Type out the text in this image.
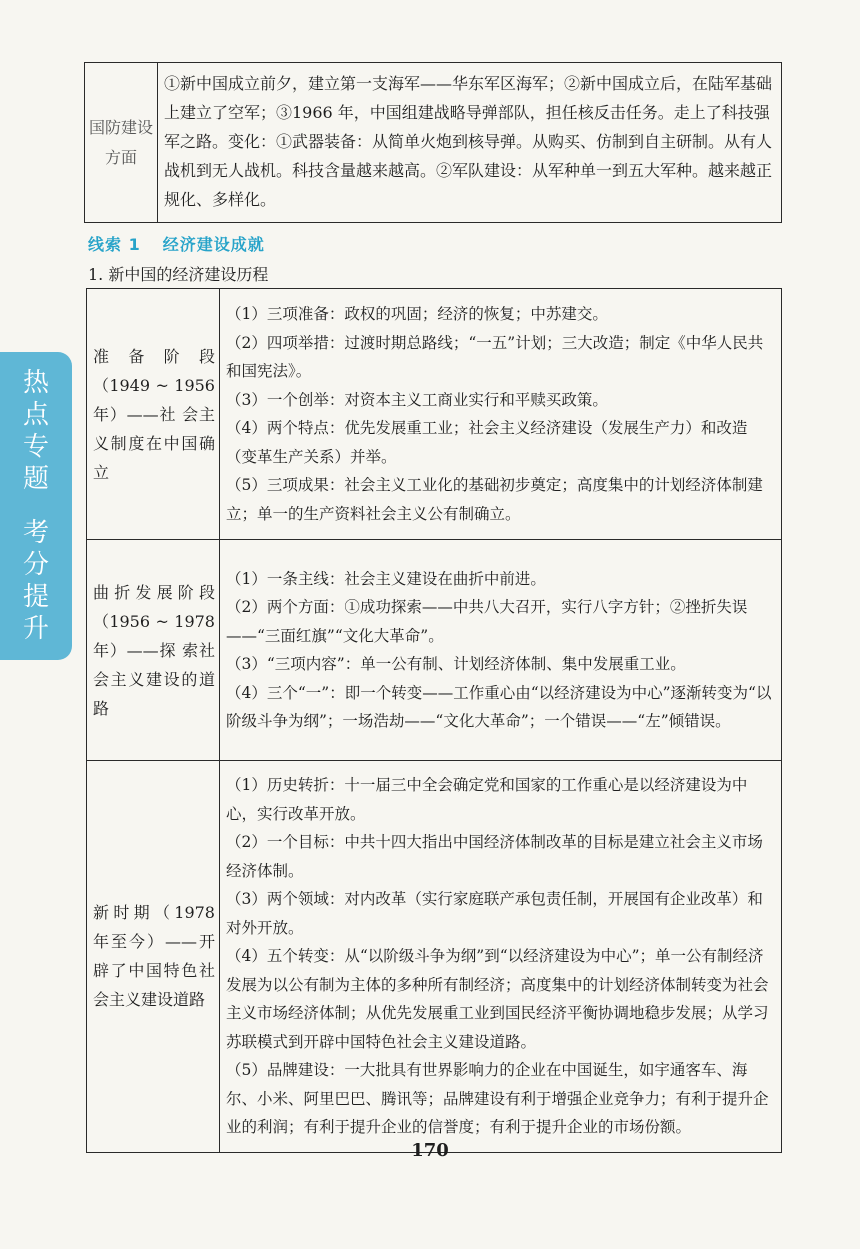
热
点
专
题
考
分
提
升
国防建设方面	①新中国成立前夕，建立第一支海军——华东军区海军；②新中国成立后，在陆军基础上建立了空军；③1966 年，中国组建战略导弹部队，担任核反击任务。走上了科技强军之路。变化：①武器装备：从简单火炮到核导弹。从购买、仿制到自主研制。从有人战机到无人战机。科技含量越来越高。②军队建设：从军种单一到五大军种。越来越正规化、多样化。
线索 1 经济建设成就
1. 新中国的经济建设历程
准 备 阶 段（1949 ~ 1956 年）——社 会主义制度在中国确立	（1）三项准备：政权的巩固；经济的恢复；中苏建交。

（2）四项举措：过渡时期总路线；“一五”计划；三大改造；制定《中华人民共和国宪法》。

（3）一个创举：对资本主义工商业实行和平赎买政策。

（4）两个特点：优先发展重工业；社会主义经济建设（发展生产力）和改造（变革生产关系）并举。

（5）三项成果：社会主义工业化的基础初步奠定；高度集中的计划经济体制建立；单一的生产资料社会主义公有制确立。

曲折发展阶段（1956 ~ 1978 年）——探 索社会主义建设的道路	（1）一条主线：社会主义建设在曲折中前进。

（2）两个方面：①成功探索——中共八大召开，实行八字方针；②挫折失误——“三面红旗”“文化大革命”。

（3）“三项内容”：单一公有制、计划经济体制、集中发展重工业。

（4）三个“一”：即一个转变——工作重心由“以经济建设为中心”逐渐转变为“以阶级斗争为纲”；一场浩劫——“文化大革命”；一个错误——“左”倾错误。

新时期（1978 年至今）——开辟了中国特色社会主义建设道路	（1）历史转折：十一届三中全会确定党和国家的工作重心是以经济建设为中心，实行改革开放。

（2）一个目标：中共十四大指出中国经济体制改革的目标是建立社会主义市场经济体制。

（3）两个领域：对内改革（实行家庭联产承包责任制，开展国有企业改革）和对外开放。

（4）五个转变：从“以阶级斗争为纲”到“以经济建设为中心”；单一公有制经济发展为以公有制为主体的多种所有制经济；高度集中的计划经济体制转变为社会主义市场经济体制；从优先发展重工业到国民经济平衡协调地稳步发展；从学习苏联模式到开辟中国特色社会主义建设道路。

（5）品牌建设：一大批具有世界影响力的企业在中国诞生，如宇通客车、海尔、小米、阿里巴巴、腾讯等；品牌建设有利于增强企业竞争力；有利于提升企业的利润；有利于提升企业的信誉度；有利于提升企业的市场份额。

170
